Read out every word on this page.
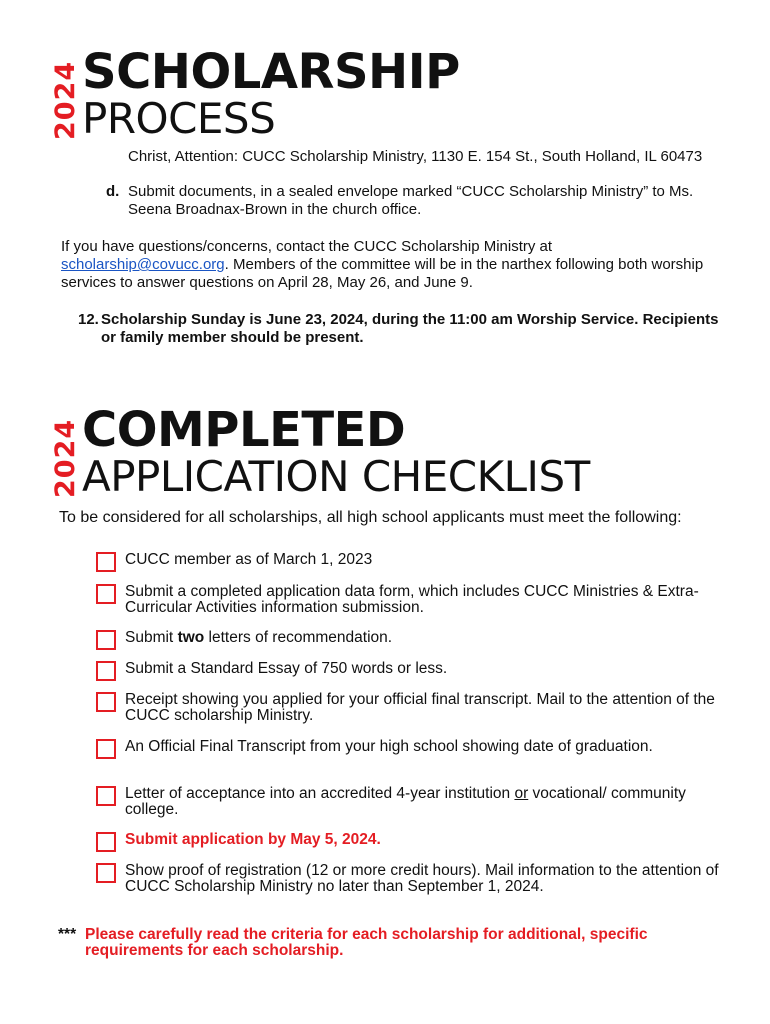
2024 SCHOLARSHIP
PROCESS
Christ, Attention: CUCC Scholarship Ministry, 1130 E. 154 St., South Holland, IL 60473
d. Submit documents, in a sealed envelope marked “CUCC Scholarship Ministry” to Ms. Seena Broadnax-Brown in the church office.
If you have questions/concerns, contact the CUCC Scholarship Ministry at scholarship@covucc.org. Members of the committee will be in the narthex following both worship services to answer questions on April 28, May 26, and June 9.
12. Scholarship Sunday is June 23, 2024, during the 11:00 am Worship Service. Recipients or family member should be present.
2024 COMPLETED
APPLICATION CHECKLIST
To be considered for all scholarships, all high school applicants must meet the following:
CUCC member as of March 1, 2023
Submit a completed application data form, which includes CUCC Ministries & Extra-Curricular Activities information submission.
Submit two letters of recommendation.
Submit a Standard Essay of 750 words or less.
Receipt showing you applied for your official final transcript. Mail to the attention of the CUCC scholarship Ministry.
An Official Final Transcript from your high school showing date of graduation.
Letter of acceptance into an accredited 4-year institution or vocational/ community college.
Submit application by May 5, 2024.
Show proof of registration (12 or more credit hours). Mail information to the attention of CUCC Scholarship Ministry no later than September 1, 2024.
*** Please carefully read the criteria for each scholarship for additional, specific requirements for each scholarship.
